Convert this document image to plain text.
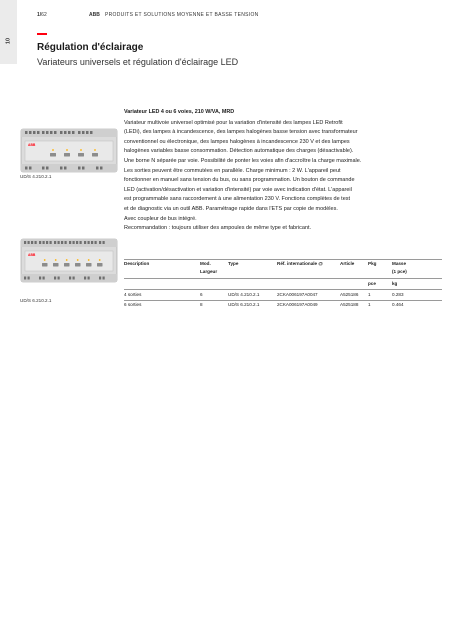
10
1/62	ABB PRODUITS ET SOLUTIONS MOYENNE ET BASSE TENSION
Régulation d'éclairage
Variateurs universels et régulation d'éclairage LED
ABB
UD/S 4.210.2.1
ABB
UD/S 6.210.2.1
Variateur LED 4 ou 6 voies, 210 W/VA, MRD
Variateur multivoie universel optimisé pour la variation d'intensité des lampes LED Retrofit
(LEDi), des lampes à incandescence, des lampes halogènes basse tension avec transformateur
conventionnel ou électronique, des lampes halogènes à incandescence 230 V et des lampes
halogènes variables basse consommation. Détection automatique des charges (désactivable).
Une borne N séparée par voie. Possibilité de ponter les voies afin d'accroître la charge maximale.
Les sorties peuvent être commutées en parallèle. Charge minimum : 2 W. L'appareil peut
fonctionner en manuel sans tension du bus, ou sans programmation. Un bouton de commande
LED (activation/désactivation et variation d'intensité) par voie avec indication d'état. L'appareil
est programmable sans raccordement à une alimentation 230 V. Fonctions complètes de test
et de diagnostic via un outil ABB. Paramétrage rapide dans l'ETS par copie de modèles.
Avec coupleur de bus intégré.
Recommandation : toujours utiliser des ampoules de même type et fabricant.
Description	Mod.	Type	Réf. internationale @	Article	Pkg	Masse
Largeur	(1 pce)
pce	kg
4 sorties	6	UD/S 4.210.2.1	2CKA006197A0047	A525186 1	0.283
6 sorties	8	UD/S 6.210.2.1	2CKA006197A0049	A525188 1	0.464
